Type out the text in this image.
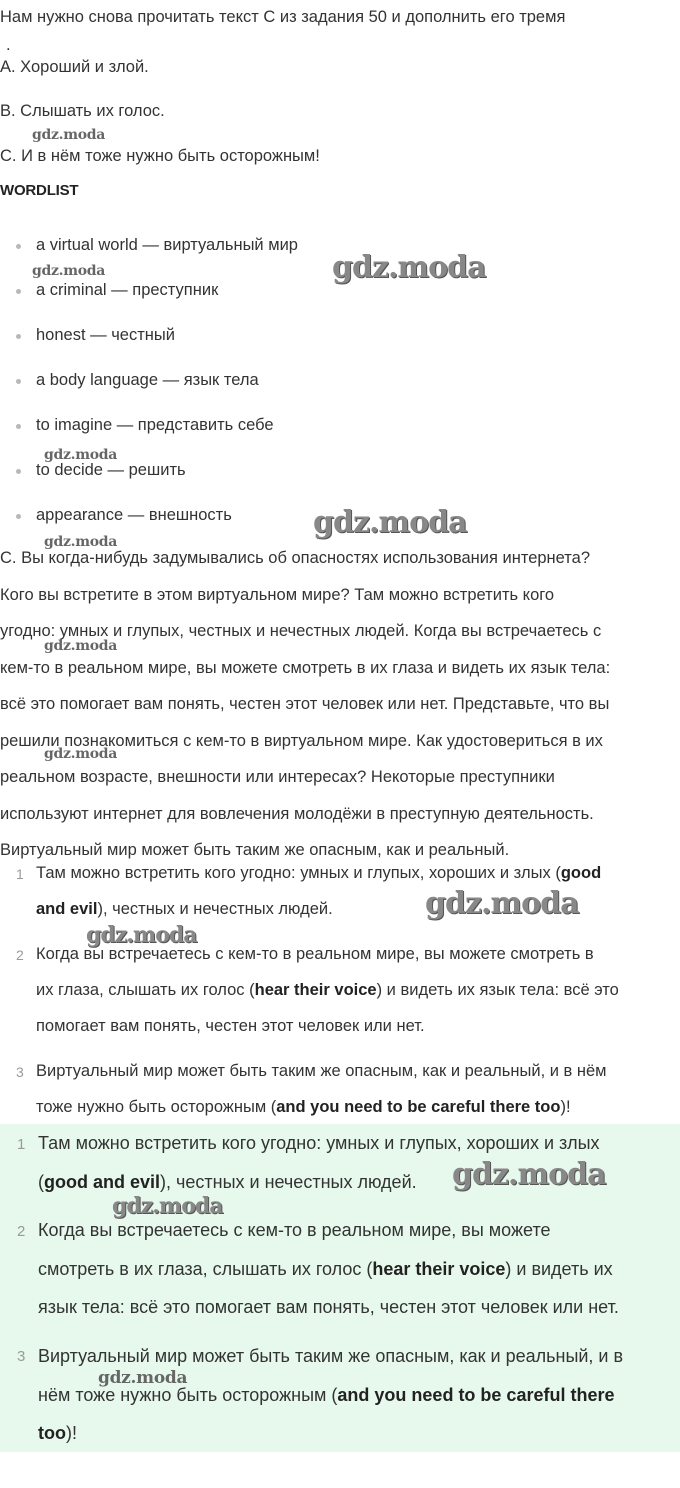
Нам нужно снова прочитать текст С из задания 50 и дополнить его тремя
.
А. Хороший и злой.
B. Слышать их голос.
С. И в нём тоже нужно быть осторожным!
WORDLIST
a virtual world — виртуальный мир
a criminal — преступник
honest — честный
a body language — язык тела
to imagine — представить себе
to decide — решить
appearance — внешность
С. Вы когда-нибудь задумывались об опасностях использования интернета?
Кого вы встретите в этом виртуальном мире? Там можно встретить кого
угодно: умных и глупых, честных и нечестных людей. Когда вы встречаетесь с
кем-то в реальном мире, вы можете смотреть в их глаза и видеть их язык тела:
всё это помогает вам понять, честен этот человек или нет. Представьте, что вы
решили познакомиться с кем-то в виртуальном мире. Как удостовериться в их
реальном возрасте, внешности или интересах? Некоторые преступники
используют интернет для вовлечения молодёжи в преступную деятельность.
Виртуальный мир может быть таким же опасным, как и реальный.
1 Там можно встретить кого угодно: умных и глупых, хороших и злых (good
and evil), честных и нечестных людей.
2 Когда вы встречаетесь с кем-то в реальном мире, вы можете смотреть в
их глаза, слышать их голос (hear their voice) и видеть их язык тела: всё это
помогает вам понять, честен этот человек или нет.
3 Виртуальный мир может быть таким же опасным, как и реальный, и в нём
тоже нужно быть осторожным (and you need to be careful there too)!
1 Там можно встретить кого угодно: умных и глупых, хороших и злых
(good and evil), честных и нечестных людей.
2 Когда вы встречаетесь с кем-то в реальном мире, вы можете
смотреть в их глаза, слышать их голос (hear their voice) и видеть их
язык тела: всё это помогает вам понять, честен этот человек или нет.
3 Виртуальный мир может быть таким же опасным, как и реальный, и в
нём тоже нужно быть осторожным (and you need to be careful there
too)!
gdz.moda
gdz.moda	gdz.moda
gdz.moda
gdz.moda
gdz.moda
gdz.moda
gdz.moda
gdz.moda
gdz.moda
gdz.moda
gdz.moda
gdz.moda
